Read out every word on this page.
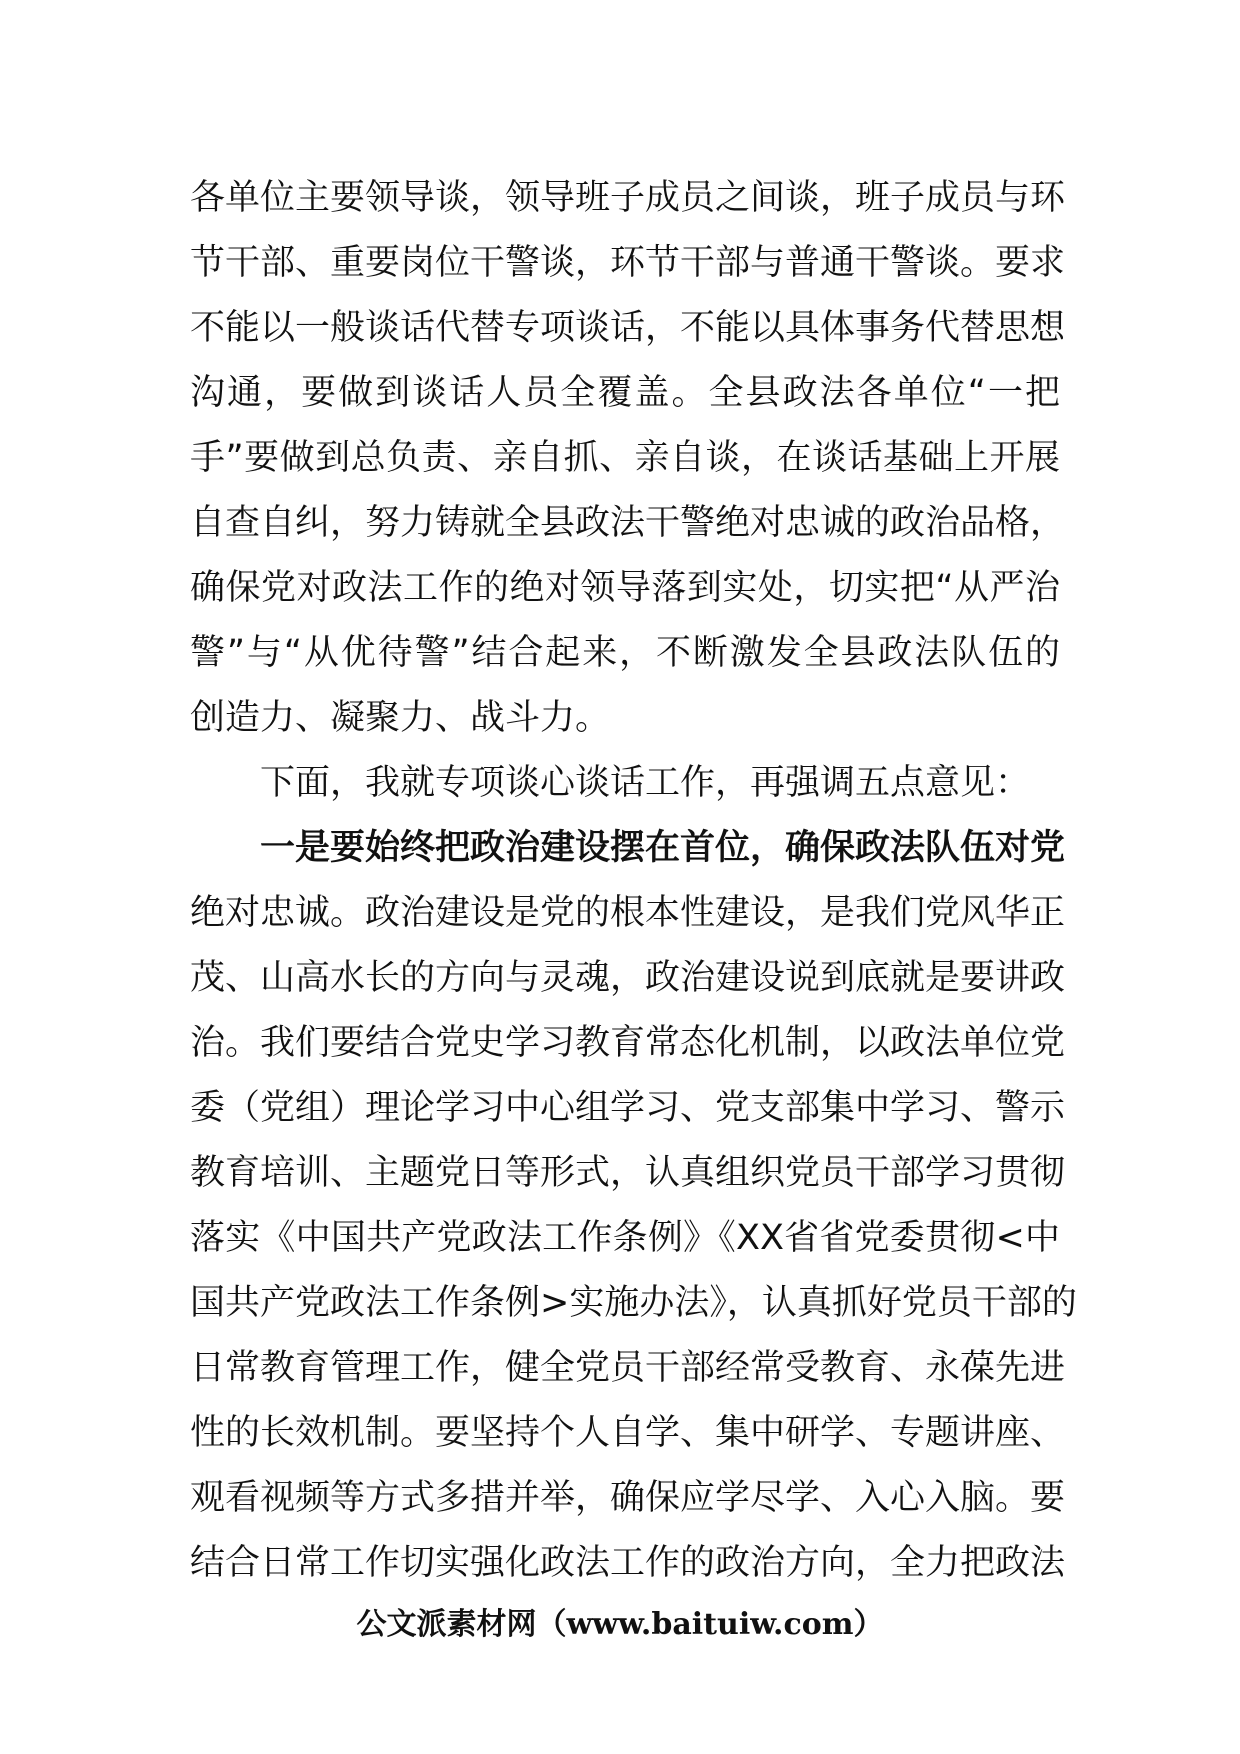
各单位主要领导谈，领导班子成员之间谈，班子成员与环
节干部、重要岗位干警谈，环节干部与普通干警谈。要求
不能以一般谈话代替专项谈话，不能以具体事务代替思想
沟通，要做到谈话人员全覆盖。全县政法各单位“一把
手”要做到总负责、亲自抓、亲自谈，在谈话基础上开展
自查自纠，努力铸就全县政法干警绝对忠诚的政治品格，
确保党对政法工作的绝对领导落到实处，切实把“从严治
警”与“从优待警”结合起来，不断激发全县政法队伍的
创造力、凝聚力、战斗力。
下面，我就专项谈心谈话工作，再强调五点意见：
一是要始终把政治建设摆在首位，确保政法队伍对党
绝对忠诚。政治建设是党的根本性建设，是我们党风华正
茂、山高水长的方向与灵魂，政治建设说到底就是要讲政
治。我们要结合党史学习教育常态化机制，以政法单位党
委（党组）理论学习中心组学习、党支部集中学习、警示
教育培训、主题党日等形式，认真组织党员干部学习贯彻
落实《中国共产党政法工作条例》《XX省省党委贯彻<中
国共产党政法工作条例>实施办法》，认真抓好党员干部的
日常教育管理工作，健全党员干部经常受教育、永葆先进
性的长效机制。要坚持个人自学、集中研学、专题讲座、
观看视频等方式多措并举，确保应学尽学、入心入脑。要
结合日常工作切实强化政法工作的政治方向，全力把政法
公文派素材网（www.baituiw.com）
